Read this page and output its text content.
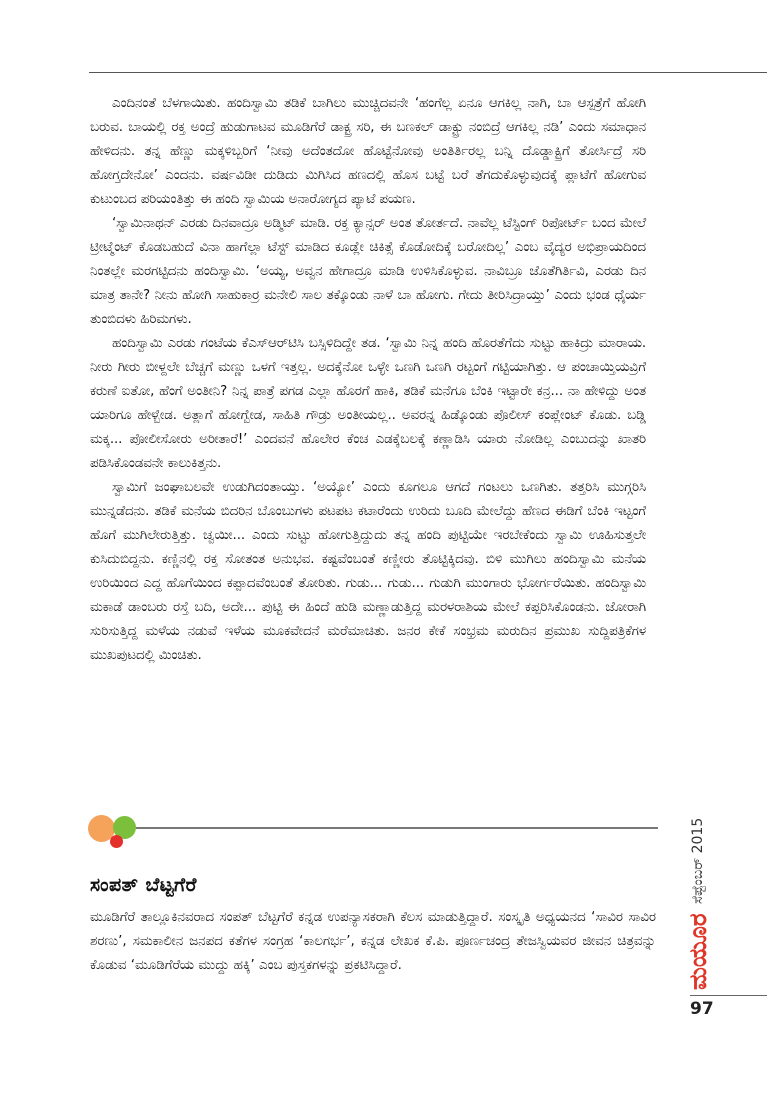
ಎಂದಿನಂತೆ ಬೆಳಗಾಯಿತು. ಹಂದಿಸ್ವಾಮಿ ತಡಿಕೆ ಬಾಗಿಲು ಮುಚ್ಚಿದವನೇ ‘ಹಂಗೆಲ್ಲ ಏನೂ ಆಗಕಿಲ್ಲ ನಾಗಿ, ಬಾ ಆಸ್ಪತ್ರೆಗೆ ಹೋಗಿ ಬರುವ. ಬಾಯಲ್ಲಿ ರಕ್ತ ಅಂದ್ರೆ ಹುಡುಗಾಟವ ಮೂಡಿಗೆರೆ ಡಾಕ್ಟ್ರ ಸರಿ, ಈ ಬಣಕಲ್ ಡಾಕ್ಟ್ರು ನಂಬಿದ್ರೆ ಆಗಕಿಲ್ಲ ನಡಿ’ ಎಂದು ಸಮಾಧಾನ ಹೇಳಿದನು. ತನ್ನ ಹೆಣ್ಣು ಮಕ್ಕಳಿಬ್ಬರಿಗೆ ‘ನೀವು ಅದೆಂತದೋ ಹೊಟ್ಟೆನೋವು ಅಂತಿರ್ತಿರಲ್ಲ ಬನ್ನಿ ದೊಡ್ಡಾಕ್ಟ್ರಿಗೆ ತೋರ್ಸಿದ್ರೆ ಸರಿ ಹೋಗ್ತದೇನೋ’ ಎಂದನು. ವರ್ಷವಿಡೀ ದುಡಿದು ಮಿಗಿಸಿದ ಹಣದಲ್ಲಿ ಹೊಸ ಬಟ್ಟೆ ಬರೆ ತೆಗದುಕೊಳ್ಳುವುದಕ್ಕೆ ಪ್ಲಾಟೆಗೆ ಹೋಗುವ ಕುಟುಂಬದ ಪರಿಯಂತಿತ್ತು ಈ ಹಂದಿ ಸ್ವಾಮಿಯ ಅನಾರೋಗ್ಯದ ಪ್ಯಾಟೆ ಪಯಣ.

‘ಸ್ವಾಮಿನಾಥನ್ ಎರಡು ದಿನವಾದ್ರೂ ಅಡ್ಮಿಟ್ ಮಾಡಿ. ರಕ್ತ ಕ್ಯಾನ್ಸರ್ ಅಂತ ತೋರ್ತದೆ. ನಾವೆಲ್ಲ ಟೆಸ್ಟಿಂಗ್ ರಿಪೋರ್ಟ್ ಬಂದ ಮೇಲೆ ಟ್ರೀಟ್ಮೆಂಟ್ ಕೊಡಬಹುದೆ ವಿನಾ ಹಾಗೆಲ್ಲಾ ಟೆಸ್ಟ್ ಮಾಡಿದ ಕೂಡ್ಲೇ ಚಿಕಿತ್ಸೆ ಕೊಡೋದಿಕ್ಕೆ ಬರೋದಿಲ್ಲ’ ಎಂಬ ವೈದ್ಯರ ಅಭಿಪ್ರಾಯದಿಂದ ನಿಂತಲ್ಲೇ ಮರಗಟ್ಟಿದನು ಹಂದಿಸ್ವಾಮಿ. ‘ಅಯ್ಯ, ಅವ್ವನ ಹೇಗಾದ್ರೂ ಮಾಡಿ ಉಳಿಸಿಕೊಳ್ಳುವ. ನಾವಿಬ್ರೂ ಜೊತೆಗಿರ್ತಿವಿ, ಎರಡು ದಿನ ಮಾತ್ರ ತಾನೇ? ನೀನು ಹೋಗಿ ಸಾಹುಕಾರ್ರ ಮನೇಲಿ ಸಾಲ ತಕ್ಕೊಂಡು ನಾಳೆ ಬಾ ಹೋಗು. ಗೇದು ತೀರಿಸಿದ್ರಾಯ್ತು’ ಎಂದು ಭಂಡ ಧೈರ್ಯ ತುಂಬಿದಳು ಹಿರಿಮಗಳು.

ಹಂದಿಸ್ವಾಮಿ ಎರಡು ಗಂಟೆಯ ಕೆಎಸ್‌ಆರ್‌ಟಿಸಿ ಬಸ್ಸಿಳಿದಿದ್ದೇ ತಡ. ‘ಸ್ವಾಮಿ ನಿನ್ನ ಹಂದಿ ಹೊರತೆಗೆದು ಸುಟ್ಟು ಹಾಕಿದ್ರು ಮಾರಾಯ. ನೀರು ಗೀರು ಬೀಳ್ದಲೇ ಬೆಚ್ಚಗೆ ಮಣ್ಣು ಒಳಗೆ ಇತ್ತಲ್ಲ. ಅದಕ್ಕೆನೋ ಒಳ್ಳೇ ಒಣಗಿ ಒಣಗಿ ರಟ್ಟಂಗೆ ಗಟ್ಟಿಯಾಗಿತ್ತು. ಆ ಪಂಚಾಯ್ತಿಯವ್ರಿಗೆ ಕರುಣೆ ಐತೋ, ಹೆಂಗೆ ಅಂತೀನಿ? ನಿನ್ನ ಪಾತ್ರೆ ಪಗಡ ಎಲ್ಲಾ ಹೊರಗೆ ಹಾಕಿ, ತಡಿಕೆ ಮನೆಗೂ ಬೆಂಕಿ ಇಟ್ಟಾರೇ ಕನ್ರ... ನಾ ಹೇಳಿದ್ದು ಅಂತ ಯಾರಿಗೂ ಹೇಳ್ಬೇಡ. ಅತ್ಲಾಗೆ ಹೋಗ್ಬೇಡ, ಸಾಹಿತಿ ಗೌಡ್ರು ಅಂತೀಯಲ್ಲ.. ಅವರನ್ನ ಹಿಡ್ಕೊಂಡು ಪೊಲೀಸ್ ಕಂಪ್ಲೇಂಟ್ ಕೊಡು. ಬಡ್ಡಿ ಮಕ್ಕ... ಪೋಲೀಸೋರು ಅರೀತಾರೆ!’ ಎಂದವನೆ ಹೊಲೇರ ಕೆಂಚ ಎಡಕ್ಕೆಬಲಕ್ಕೆ ಕಣ್ಣಾಡಿಸಿ ಯಾರು ನೋಡಿಲ್ಲ ಎಂಬುದನ್ನು ಖಾತರಿ ಪಡಿಸಿಕೊಂಡವನೇ ಕಾಲುಕಿತ್ತನು.

ಸ್ವಾಮಿಗೆ ಜಂಘಾಬಲವೇ ಉಡುಗಿದಂತಾಯ್ತು. ‘ಅಯ್ಯೋ’ ಎಂದು ಕೂಗಲೂ ಆಗದೆ ಗಂಟಲು ಒಣಗಿತು. ತತ್ತರಿಸಿ ಮುಗ್ಗರಿಸಿ ಮುನ್ನಡೆದನು. ತಡಿಕೆ ಮನೆಯ ಬಿದರಿನ ಬೊಂಬುಗಳು ಪಟಪಟ ಕಟಾರೆಂದು ಉರಿದು ಬೂದಿ ಮೇಲೆದ್ದು ಹೆಣದ ಈಡಿಗೆ ಬೆಂಕಿ ಇಟ್ಟಂಗೆ ಹೊಗೆ ಮುಗಿಲೇರುತ್ತಿತ್ತು. ಚ್ವಯೀ... ಎಂದು ಸುಟ್ಟು ಹೋಗುತ್ತಿದ್ದುದು ತನ್ನ ಹಂದಿ ಪುಟ್ಟಿಯೇ ಇರಬೇಕೆಂದು ಸ್ವಾಮಿ ಊಹಿಸುತ್ತಲೇ ಕುಸಿದುಬಿದ್ದನು. ಕಣ್ಣಿನಲ್ಲಿ ರಕ್ತ ಸೋತಂತ ಅನುಭವ. ಕಷ್ಟವೆಂಬಂತೆ ಕಣ್ಣೀರು ತೊಟ್ಟಿಕ್ಕಿದವು. ಬಿಳಿ ಮುಗಿಲು ಹಂದಿಸ್ವಾಮಿ ಮನೆಯ ಉರಿಯಿಂದ ಎದ್ದ ಹೊಗೆಯಿಂದ ಕಪ್ಪಾದವೆಂಬಂತೆ ತೋರಿತು. ಗುಡು... ಗುಡು... ಗುಡುಗಿ ಮುಂಗಾರು ಭೋರ್ಗರೆಯಿತು. ಹಂದಿಸ್ವಾಮಿ ಮಕಾಡೆ ಡಾಂಬರು ರಸ್ತೆ ಬದಿ, ಅದೇ... ಪುಟ್ಟಿ ಈ ಹಿಂದೆ ಹುಡಿ ಮಣ್ಣಾಡುತ್ತಿದ್ದ ಮರಳರಾಶಿಯ ಮೇಲೆ ಕಪ್ಪರಿಸಿಕೊಂಡನು. ಜೋರಾಗಿ ಸುರಿಸುತ್ತಿದ್ದ ಮಳೆಯ ನಡುವೆ ಇಳೆಯ ಮೂಕವೇದನೆ ಮರೆಮಾಚಿತು. ಜನರ ಕೇಕೆ ಸಂಭ್ರಮ ಮರುದಿನ ಪ್ರಮುಖ ಸುದ್ದಿಪತ್ರಿಕೆಗಳ ಮುಖಪುಟದಲ್ಲಿ ಮಿಂಚಿತು.

ಸಂಪತ್ ಬೆಟ್ಟಗೆರೆ

ಮೂಡಿಗೆರೆ ತಾಲ್ಲೂಕಿನವರಾದ ಸಂಪತ್ ಬೆಟ್ಟಗೆರೆ ಕನ್ನಡ ಉಪನ್ಯಾಸಕರಾಗಿ ಕೆಲಸ ಮಾಡುತ್ತಿದ್ದಾರೆ. ಸಂಸ್ಕೃತಿ ಅಧ್ಯಯನದ ‘ಸಾವಿರ ಸಾವಿರ ಶರಣು’, ಸಮಕಾಲೀನ ಜನಪದ ಕತೆಗಳ ಸಂಗ್ರಹ ‘ಕಾಲಗರ್ಭ’, ಕನ್ನಡ ಲೇಖಕ ಕೆ.ಪಿ. ಪೂರ್ಣಚಂದ್ರ ತೇಜಸ್ವಿಯವರ ಜೀವನ ಚಿತ್ರವನ್ನು ಕೊಡುವ ‘ಮೂಡಿಗೆರೆಯ ಮುದ್ದು ಹಕ್ಕಿ’ ಎಂಬ ಪುಸ್ತಕಗಳನ್ನು ಪ್ರಕಟಿಸಿದ್ದಾರೆ.

ಸೆಪ್ಟೆಂಬರ್ 2015
ಮಯೂರ
97
